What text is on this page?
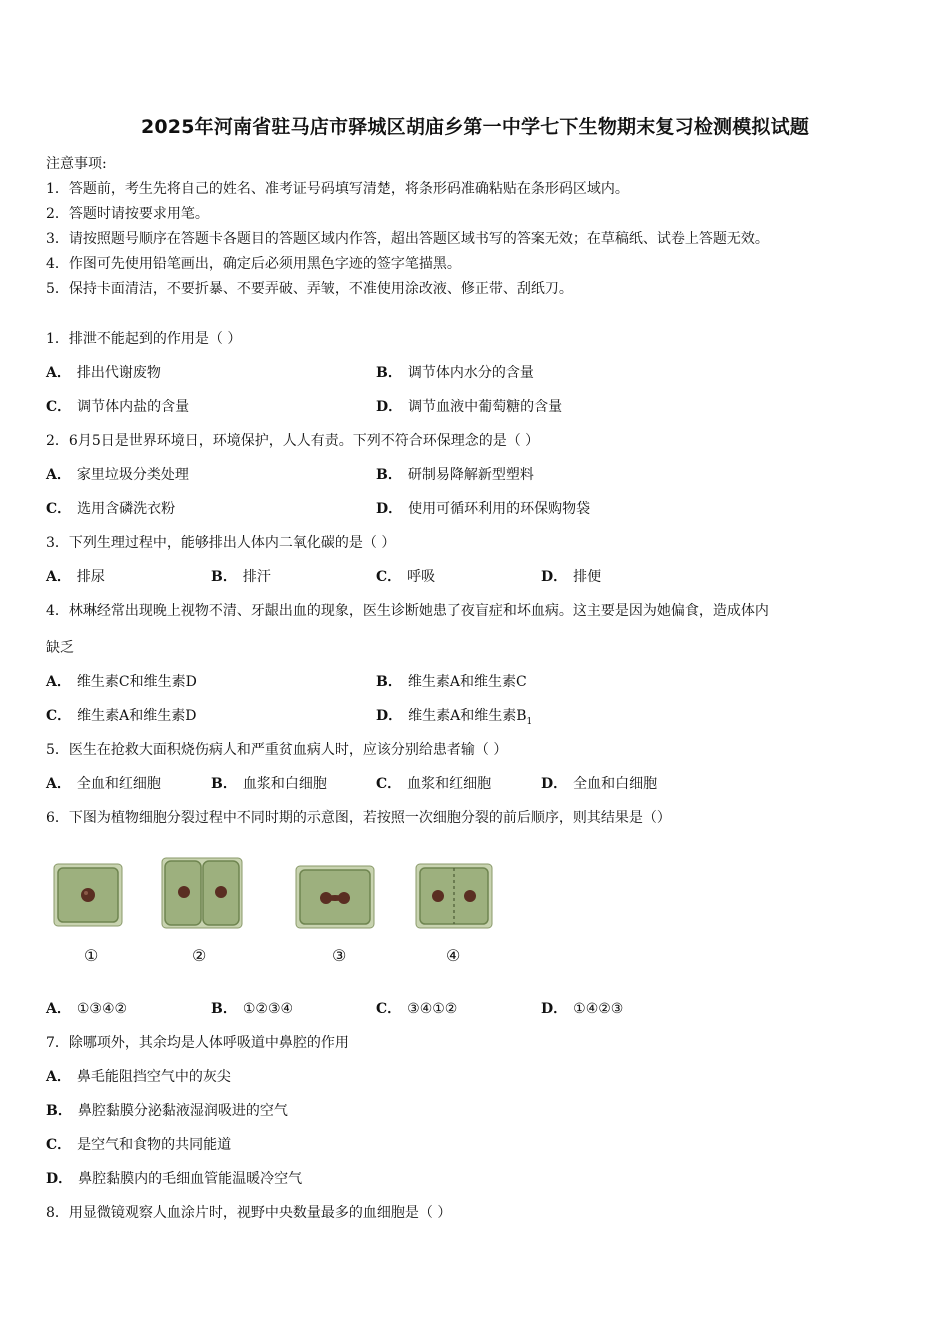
2025年河南省驻马店市驿城区胡庙乡第一中学七下生物期末复习检测模拟试题
注意事项:
1．答题前，考生先将自己的姓名、准考证号码填写清楚，将条形码准确粘贴在条形码区域内。
2．答题时请按要求用笔。
3．请按照题号顺序在答题卡各题目的答题区域内作答，超出答题区域书写的答案无效；在草稿纸、试卷上答题无效。
4．作图可先使用铅笔画出，确定后必须用黑色字迹的签字笔描黑。
5．保持卡面清洁，不要折暴、不要弄破、弄皱，不准使用涂改液、修正带、刮纸刀。
1．排泄不能起到的作用是（ ）
A． 排出代谢废物	B． 调节体内水分的含量
C． 调节体内盐的含量	D． 调节血液中葡萄糖的含量
2．6月5日是世界环境日，环境保护，人人有责。下列不符合环保理念的是（ ）
A． 家里垃圾分类处理	B． 研制易降解新型塑料
C． 选用含磷洗衣粉	D． 使用可循环利用的环保购物袋
3．下列生理过程中，能够排出人体内二氧化碳的是（ ）
A． 排尿	B． 排汗	C． 呼吸	D． 排便
4．林琳经常出现晚上视物不清、牙龈出血的现象，医生诊断她患了夜盲症和坏血病。这主要是因为她偏食，造成体内
缺乏
A． 维生素C和维生素D	B． 维生素A和维生素C
C． 维生素A和维生素D	D． 维生素A和维生素$B_1$
5．医生在抢救大面积烧伤病人和严重贫血病人时，应该分别给患者输（ ）
A． 全血和红细胞	B． 血浆和白细胞	C． 血浆和红细胞	D． 全血和白细胞
6．下图为植物细胞分裂过程中不同时期的示意图，若按照一次细胞分裂的前后顺序，则其结果是（）
①	②	③	④
A． ①③④②	B． ①②③④	C． ③④①②	D． ①④②③
7．除哪项外，其余均是人体呼吸道中鼻腔的作用
A． 鼻毛能阻挡空气中的灰尖
B． 鼻腔黏膜分泌黏液湿润吸进的空气
C． 是空气和食物的共同能道
D． 鼻腔黏膜内的毛细血管能温暖冷空气
8．用显微镜观察人血涂片时，视野中央数量最多的血细胞是（ ）
